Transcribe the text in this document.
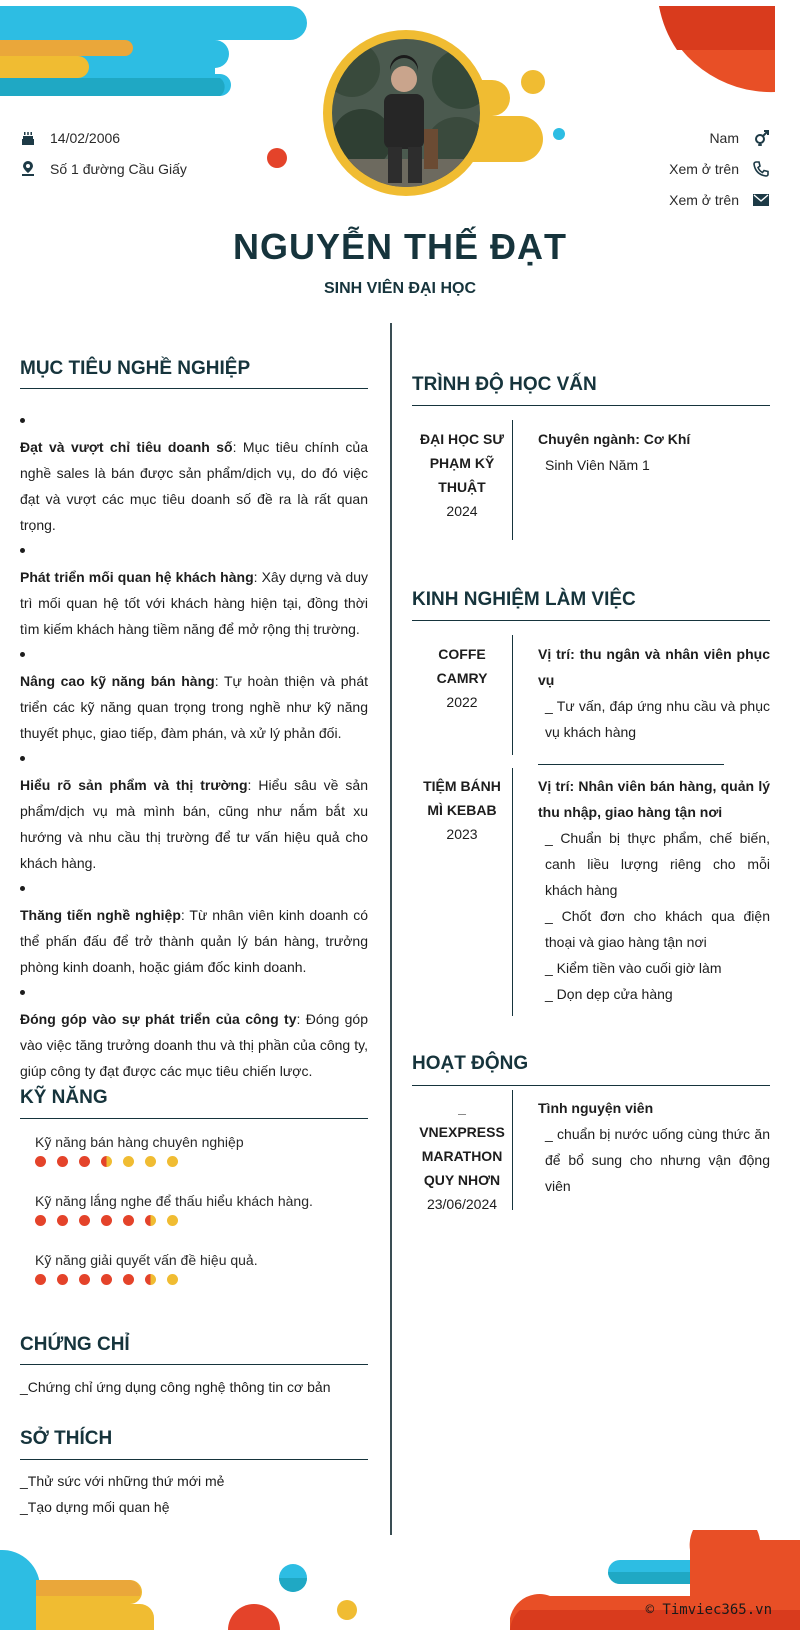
14/02/2006
Số 1 đường Cầu Giấy
Nam
Xem ở trên
Xem ở trên
NGUYỄN THẾ ĐẠT
SINH VIÊN ĐẠI HỌC
MỤC TIÊU NGHỀ NGHIỆP
Đạt và vượt chỉ tiêu doanh số: Mục tiêu chính của nghề sales là bán được sản phẩm/dịch vụ, do đó việc đạt và vượt các mục tiêu doanh số đề ra là rất quan trọng.
Phát triển mối quan hệ khách hàng: Xây dựng và duy trì mối quan hệ tốt với khách hàng hiện tại, đồng thời tìm kiếm khách hàng tiềm năng để mở rộng thị trường.
Nâng cao kỹ năng bán hàng: Tự hoàn thiện và phát triển các kỹ năng quan trọng trong nghề như kỹ năng thuyết phục, giao tiếp, đàm phán, và xử lý phản đối.
Hiểu rõ sản phẩm và thị trường: Hiểu sâu về sản phẩm/dịch vụ mà mình bán, cũng như nắm bắt xu hướng và nhu cầu thị trường để tư vấn hiệu quả cho khách hàng.
Thăng tiến nghề nghiệp: Từ nhân viên kinh doanh có thể phấn đấu để trở thành quản lý bán hàng, trưởng phòng kinh doanh, hoặc giám đốc kinh doanh.
Đóng góp vào sự phát triển của công ty: Đóng góp vào việc tăng trưởng doanh thu và thị phần của công ty, giúp công ty đạt được các mục tiêu chiến lược.
KỸ NĂNG
Kỹ năng bán hàng chuyên nghiệp
Kỹ năng lắng nghe để thấu hiểu khách hàng.
Kỹ năng giải quyết vấn đề hiệu quả.
CHỨNG CHỈ
_Chứng chỉ ứng dụng công nghệ thông tin cơ bản
SỞ THÍCH
_Thử sức với những thứ mới mẻ
_Tạo dựng mối quan hệ
TRÌNH ĐỘ HỌC VẤN
ĐẠI HỌC SƯ PHẠM KỸ THUẬT
2024
Chuyên ngành: Cơ Khí
Sinh Viên Năm 1
KINH NGHIỆM LÀM VIỆC
COFFE CAMRY
2022
Vị trí: thu ngân và nhân viên phục vụ
_ Tư vấn, đáp ứng nhu cầu và phục vụ khách hàng
TIỆM BÁNH MÌ KEBAB
2023
Vị trí: Nhân viên bán hàng, quản lý thu nhập, giao hàng tận nơi
_ Chuẩn bị thực phẩm, chế biến, canh liều lượng riêng cho mỗi khách hàng
_ Chốt đơn cho khách qua điện thoại và giao hàng tận nơi
_ Kiểm tiền vào cuối giờ làm
_ Dọn dẹp cửa hàng
HOẠT ĐỘNG
_ VNEXPRESS MARATHON QUY NHƠN
23/06/2024
Tình nguyện viên
_ chuẩn bị nước uống cùng thức ăn để bổ sung cho nhưng vận động viên
© Timviec365.vn
